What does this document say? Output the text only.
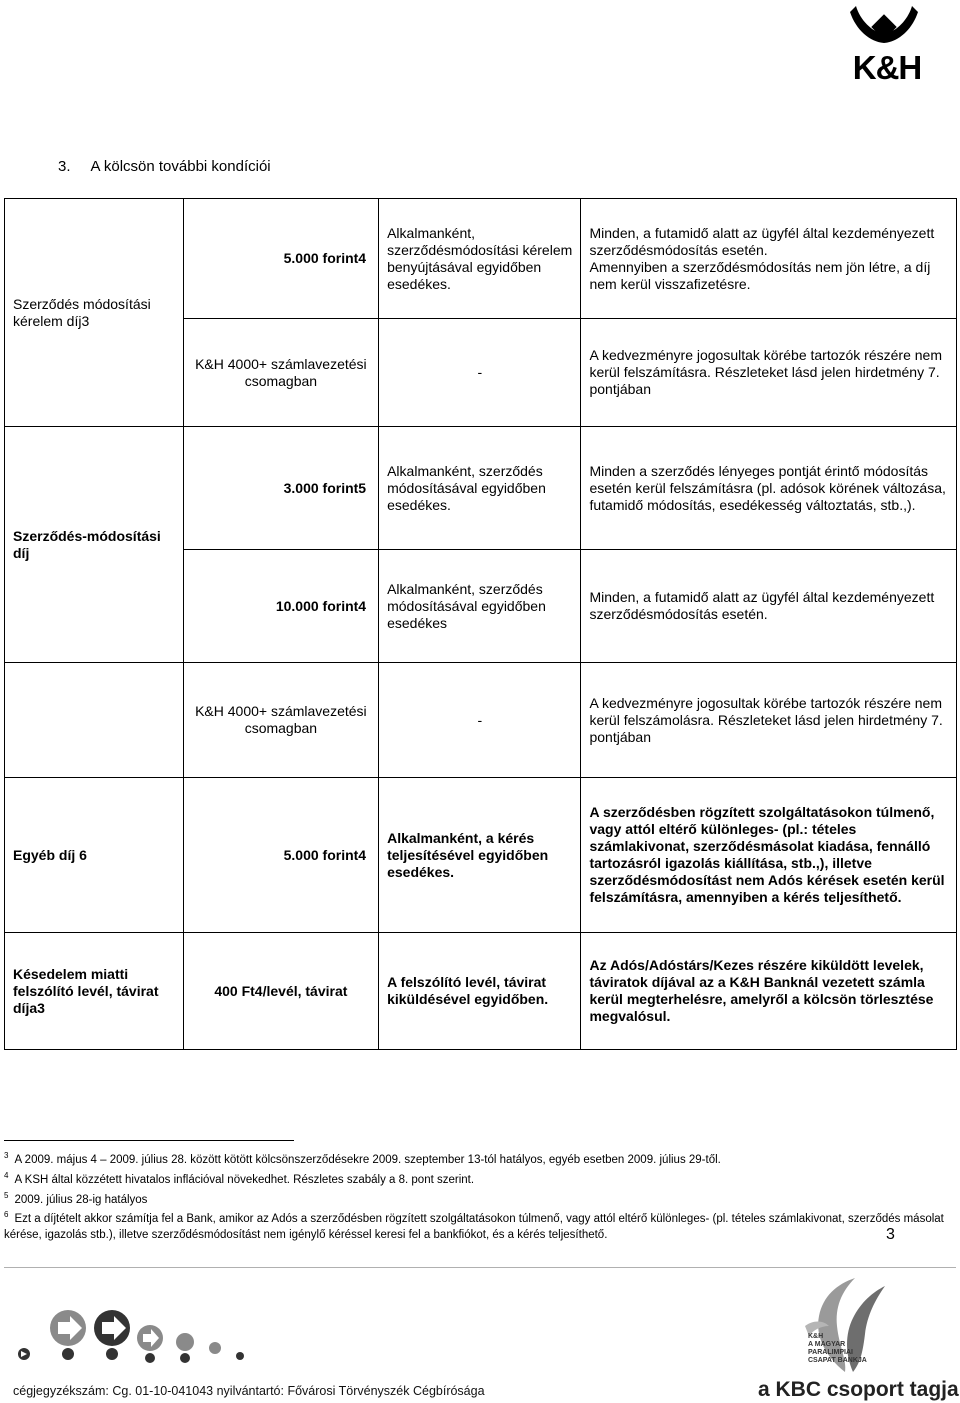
K&H
3. A kölcsön további kondíciói
Szerződés módosítási kérelem díj3	5.000 forint4	Alkalmanként, szerződésmódosítási kérelem benyújtásával egyidőben esedékes.	Minden, a futamidő alatt az ügyfél által kezdeményezett szerződésmódosítás esetén.
Amennyiben a szerződésmódosítás nem jön létre, a díj nem kerül visszafizetésre.

	K&H 4000+ számlavezetési csomagban	-	A kedvezményre jogosultak körébe tartozók részére nem kerül felszámításra. Részleteket lásd jelen hirdetmény 7. pontjában
Szerződés-módosítási díj	3.000 forint5	Alkalmanként, szerződés módosításával egyidőben esedékes.	Minden a szerződés lényeges pontját érintő módosítás esetén kerül felszámításra (pl. adósok körének változása, futamidő módosítás, esedékesség változtatás, stb.,).

	10.000 forint4	Alkalmanként, szerződés módosításával egyidőben esedékes	Minden, a futamidő alatt az ügyfél által kezdeményezett szerződésmódosítás esetén.
	K&H 4000+ számlavezetési csomagban	-	A kedvezményre jogosultak körébe tartozók részére nem kerül felszámolásra. Részleteket lásd jelen hirdetmény 7. pontjában
Egyéb díj 6	5.000 forint4	Alkalmanként, a kérés teljesítésével egyidőben esedékes.	A szerződésben rögzített szolgáltatásokon túlmenő, vagy attól eltérő különleges- (pl.: tételes számlakivonat, szerződésmásolat kiadása, fennálló tartozásról igazolás kiállítása, stb.,), illetve szerződésmódosítást nem Adós kérések esetén kerül felszámításra, amennyiben a kérés teljesíthető.
Késedelem miatti felszólító levél, távirat díja3	400 Ft4/levél, távirat	A felszólító levél, távirat kiküldésével egyidőben.	Az Adós/Adóstárs/Kezes részére kiküldött levelek, táviratok díjával az a K&H Banknál vezetett számla kerül megterhelésre, amelyről a kölcsön törlesztése megvalósul.

$^3$ A 2009. május 4 – 2009. július 28. között kötött kölcsönszerződésekre 2009. szeptember 13-tól hatályos, egyéb esetben 2009. július 29-től.

$^4$ A KSH által közzétett hivatalos inflációval növekedhet. Részletes szabály a 8. pont szerint.

$^5$ 2009. július 28-ig hatályos

$^6$ Ezt a díjtételt akkor számítja fel a Bank, amikor az Adós a szerződésben rögzített szolgáltatásokon túlmenő, vagy attól eltérő különleges- (pl. tételes számlakivonat, szerződés másolat kérése, igazolás stb.), illetve szerződésmódosítást nem igénylő kéréssel keresi fel a bankfiókot, és a kérés teljesíthető.	3
K&H
A MAGYAR
PARALIMPIAI
CSAPAT BANKJA
cégjegyzékszám: Cg. 01-10-041043 nyilvántartó: Fővárosi Törvényszék Cégbírósága	a KBC csoport tagja
